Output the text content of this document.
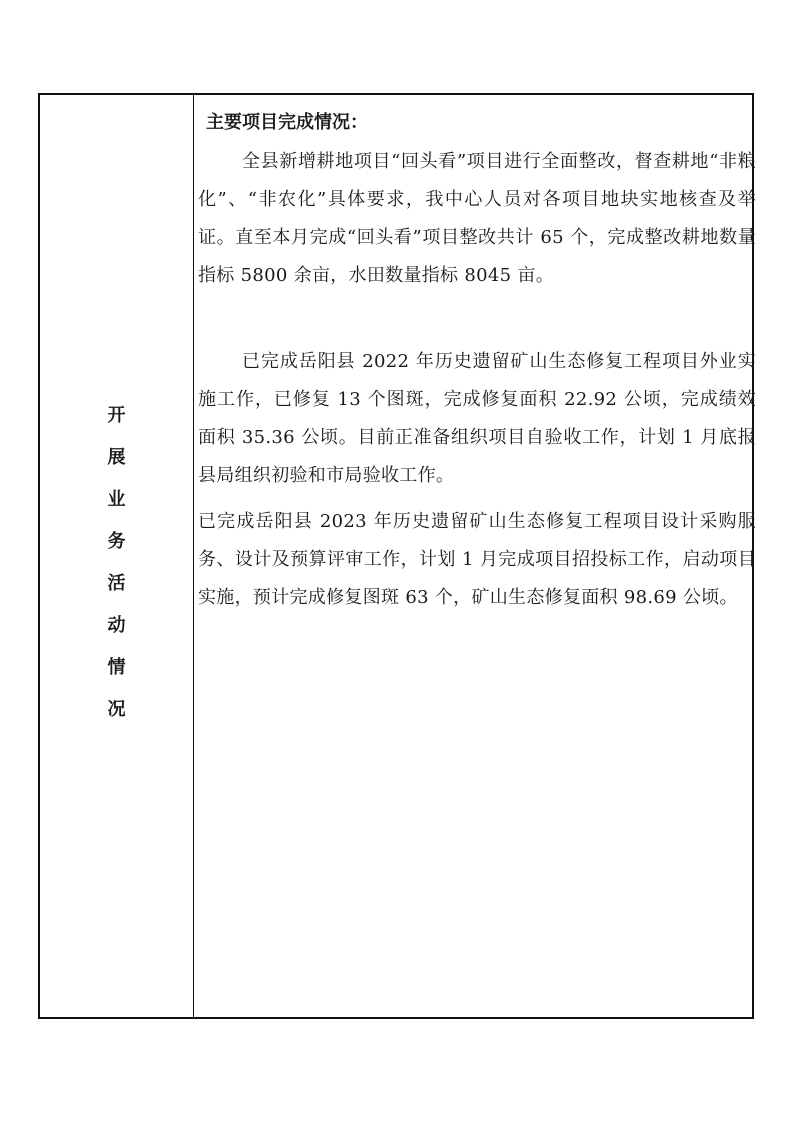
开
展
业
务
活
动
情
况
主要项目完成情况：

全县新增耕地项目“回头看”项目进行全面整改，督查耕地“非粮化”、“非农化”具体要求，我中心人员对各项目地块实地核查及举证。直至本月完成“回头看”项目整改共计 65 个，完成整改耕地数量指标 5800 余亩，水田数量指标 8045 亩。

已完成岳阳县 2022 年历史遗留矿山生态修复工程项目外业实施工作，已修复 13 个图斑，完成修复面积 22.92 公顷，完成绩效面积 35.36 公顷。目前正准备组织项目自验收工作，计划 1 月底报县局组织初验和市局验收工作。

已完成岳阳县 2023 年历史遗留矿山生态修复工程项目设计采购服务、设计及预算评审工作，计划 1 月完成项目招投标工作，启动项目实施，预计完成修复图斑 63 个，矿山生态修复面积 98.69 公顷。
